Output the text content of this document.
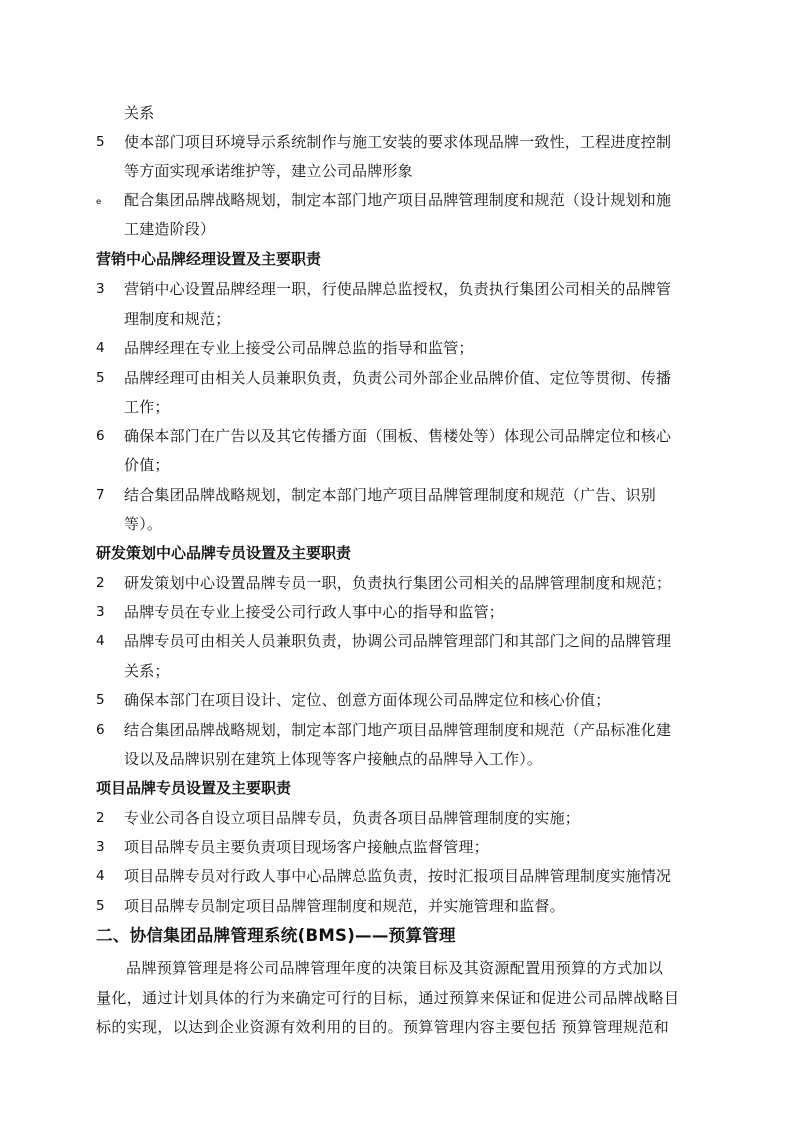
关系
5	使本部门项目环境导示系统制作与施工安装的要求体现品牌一致性，工程进度控制
等方面实现承诺维护等，建立公司品牌形象
ₑ	配合集团品牌战略规划，制定本部门地产项目品牌管理制度和规范（设计规划和施
工建造阶段）
营销中心品牌经理设置及主要职责
3	营销中心设置品牌经理一职，行使品牌总监授权，负责执行集团公司相关的品牌管
理制度和规范；
4	品牌经理在专业上接受公司品牌总监的指导和监管；
5	品牌经理可由相关人员兼职负责，负责公司外部企业品牌价值、定位等贯彻、传播
工作；
6	确保本部门在广告以及其它传播方面（围板、售楼处等）体现公司品牌定位和核心
价值；
7	结合集团品牌战略规划，制定本部门地产项目品牌管理制度和规范（广告、识别
等）。
研发策划中心品牌专员设置及主要职责
2	研发策划中心设置品牌专员一职，负责执行集团公司相关的品牌管理制度和规范；
3	品牌专员在专业上接受公司行政人事中心的指导和监管；
4	品牌专员可由相关人员兼职负责，协调公司品牌管理部门和其部门之间的品牌管理
关系；
5	确保本部门在项目设计、定位、创意方面体现公司品牌定位和核心价值；
6	结合集团品牌战略规划，制定本部门地产项目品牌管理制度和规范（产品标准化建
设以及品牌识别在建筑上体现等客户接触点的品牌导入工作）。
项目品牌专员设置及主要职责
2	专业公司各自设立项目品牌专员，负责各项目品牌管理制度的实施；
3	项目品牌专员主要负责项目现场客户接触点监督管理；
4	项目品牌专员对行政人事中心品牌总监负责，按时汇报项目品牌管理制度实施情况
5	项目品牌专员制定项目品牌管理制度和规范，并实施管理和监督。
二、协信集团品牌管理系统(BMS)——预算管理
品牌预算管理是将公司品牌管理年度的决策目标及其资源配置用预算的方式加以
量化，通过计划具体的行为来确定可行的目标，通过预算来保证和促进公司品牌战略目
标的实现，以达到企业资源有效利用的目的。预算管理内容主要包括 预算管理规范和
